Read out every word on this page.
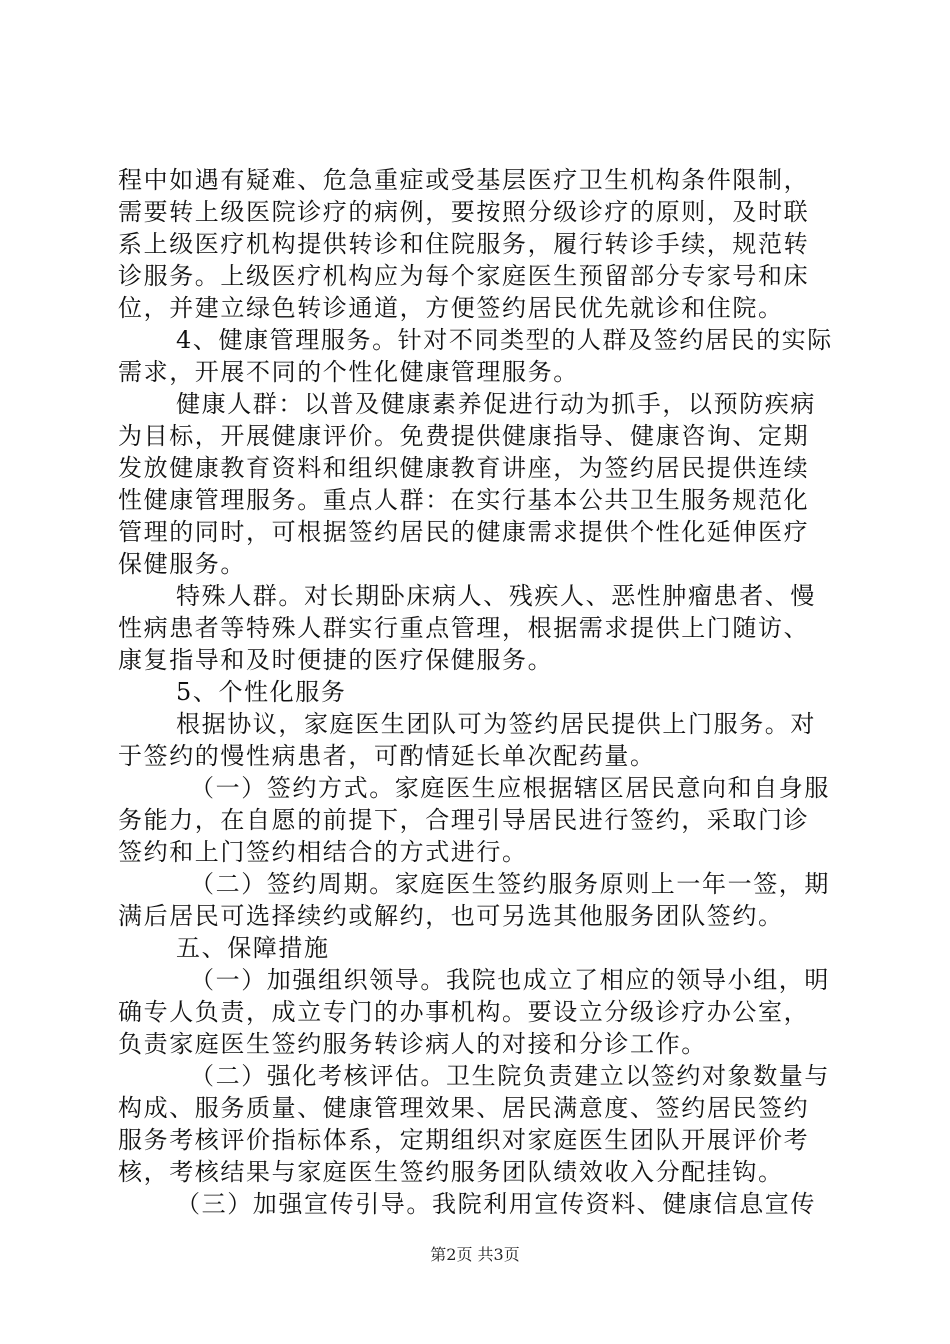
程中如遇有疑难、危急重症或受基层医疗卫生机构条件限制，
需要转上级医院诊疗的病例，要按照分级诊疗的原则，及时联
系上级医疗机构提供转诊和住院服务，履行转诊手续，规范转
诊服务。上级医疗机构应为每个家庭医生预留部分专家号和床
位，并建立绿色转诊通道，方便签约居民优先就诊和住院。
4、健康管理服务。针对不同类型的人群及签约居民的实际
需求，开展不同的个性化健康管理服务。
健康人群：以普及健康素养促进行动为抓手，以预防疾病
为目标，开展健康评价。免费提供健康指导、健康咨询、定期
发放健康教育资料和组织健康教育讲座，为签约居民提供连续
性健康管理服务。重点人群：在实行基本公共卫生服务规范化
管理的同时，可根据签约居民的健康需求提供个性化延伸医疗
保健服务。
特殊人群。对长期卧床病人、残疾人、恶性肿瘤患者、慢
性病患者等特殊人群实行重点管理，根据需求提供上门随访、
康复指导和及时便捷的医疗保健服务。
5、个性化服务
根据协议，家庭医生团队可为签约居民提供上门服务。对
于签约的慢性病患者，可酌情延长单次配药量。
（一）签约方式。家庭医生应根据辖区居民意向和自身服
务能力，在自愿的前提下，合理引导居民进行签约，采取门诊
签约和上门签约相结合的方式进行。
（二）签约周期。家庭医生签约服务原则上一年一签，期
满后居民可选择续约或解约，也可另选其他服务团队签约。
五、保障措施
（一）加强组织领导。我院也成立了相应的领导小组，明
确专人负责，成立专门的办事机构。要设立分级诊疗办公室，
负责家庭医生签约服务转诊病人的对接和分诊工作。
（二）强化考核评估。卫生院负责建立以签约对象数量与
构成、服务质量、健康管理效果、居民满意度、签约居民签约
服务考核评价指标体系，定期组织对家庭医生团队开展评价考
核，考核结果与家庭医生签约服务团队绩效收入分配挂钩。
（三）加强宣传引导。我院利用宣传资料、健康信息宣传
第2页 共3页
